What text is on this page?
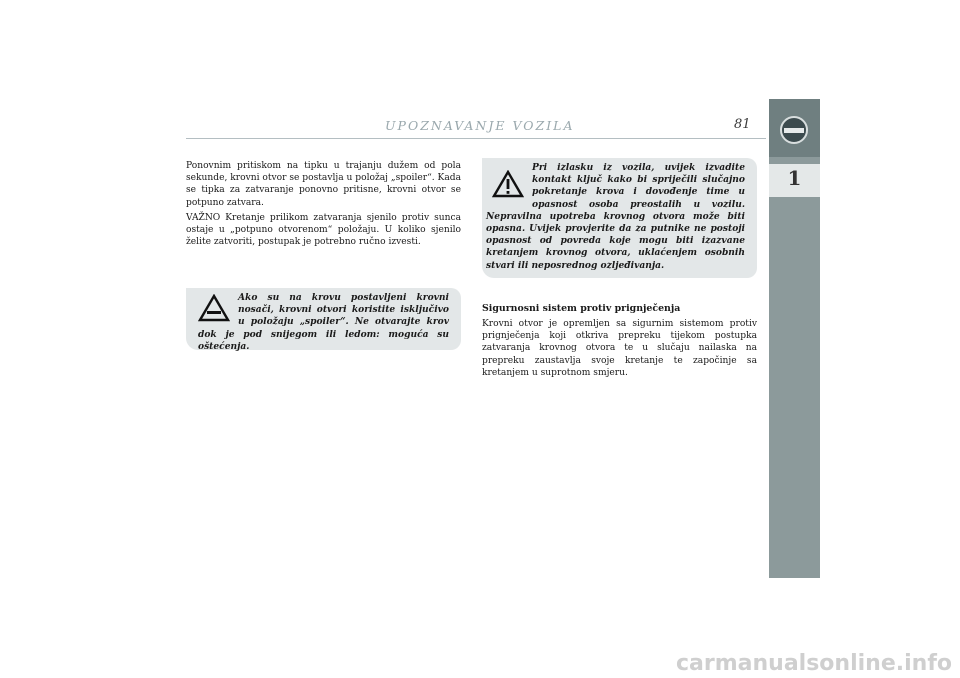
UPOZNAVANJE VOZILA	81
1

Ponovnim pritiskom na tipku u trajanju dužem od pola sekunde, krovni otvor se postavlja u položaj „spoiler“. Kada se tipka za zatvaranje ponovno pritisne, krovni otvor se potpuno zatvara.

VAŽNO Kretanje prilikom zatvaranja sjenilo protiv sunca ostaje u „potpuno otvorenom“ položaju. U koliko sjenilo želite zatvoriti, postupak je potrebno ručno izvesti.

Ako su na krovu postavljeni krovni nosači, krovni otvori koristite isključivo u položaju „spoiler“. Ne otvarajte krov dok je pod snijegom ili ledom: moguća su oštećenja.

Pri izlasku iz vozila, uvijek izvadite kontakt ključ kako bi spriječili slučajno pokretanje krova i dovođenje time u opasnost osoba preostalih u vozilu. Nepravilna upotreba krovnog otvora može biti opasna. Uvijek provjerite da za putnike ne postoji opasnost od povreda koje mogu biti izazvane kretanjem krovnog otvora, uklaćenjem osobnih stvari ili neposrednog ozljeđivanja.

Sigurnosni sistem protiv prignječenja

Krovni otvor je opremljen sa sigurnim sistemom protiv prignječenja koji otkriva prepreku tijekom postupka zatvaranja krovnog otvora te u slučaju nailaska na prepreku zaustavlja svoje kretanje te započinje sa kretanjem u suprotnom smjeru.

carmanualsonline.info
